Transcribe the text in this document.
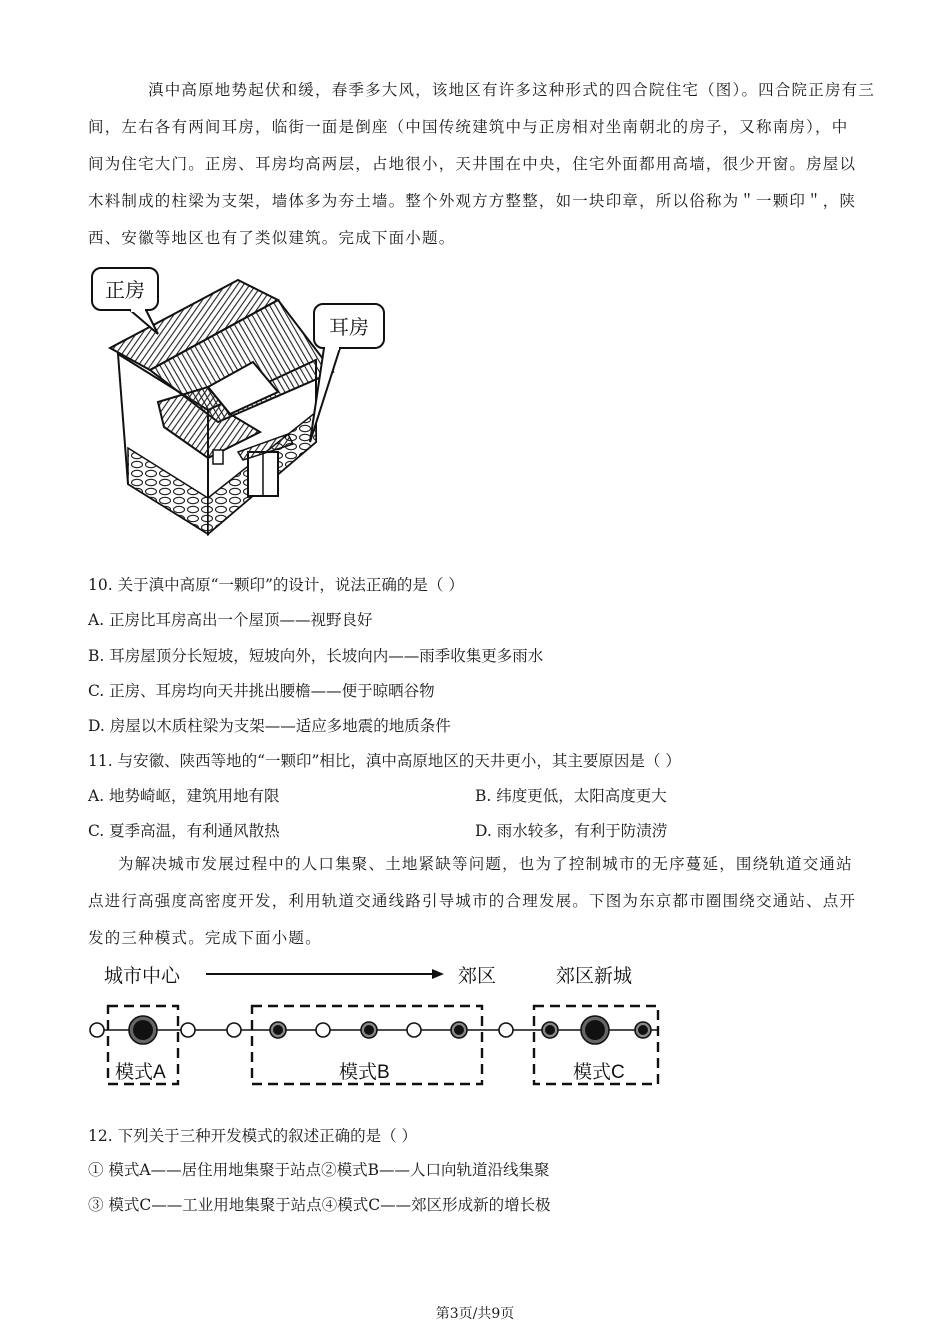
滇中高原地势起伏和缓，春季多大风，该地区有许多这种形式的四合院住宅（图）。四合院正房有三
间，左右各有两间耳房，临街一面是倒座（中国传统建筑中与正房相对坐南朝北的房子，又称南房），中
间为住宅大门。正房、耳房均高两层，占地很小，天井围在中央，住宅外面都用高墙，很少开窗。房屋以
木料制成的柱梁为支架，墙体多为夯土墙。整个外观方方整整，如一块印章，所以俗称为＂一颗印＂，陕
西、安徽等地区也有了类似建筑。完成下面小题。
正房
耳房
10. 关于滇中高原“一颗印”的设计，说法正确的是（ ）
A. 正房比耳房高出一个屋顶——视野良好
B. 耳房屋顶分长短坡，短坡向外，长坡向内——雨季收集更多雨水
C. 正房、耳房均向天井挑出腰檐——便于晾晒谷物
D. 房屋以木质柱梁为支架——适应多地震的地质条件
11. 与安徽、陕西等地的“一颗印”相比，滇中高原地区的天井更小，其主要原因是（ ）
A. 地势崎岖，建筑用地有限	B. 纬度更低，太阳高度更大
C. 夏季高温，有利通风散热	D. 雨水较多，有利于防渍涝
为解决城市发展过程中的人口集聚、土地紧缺等问题，也为了控制城市的无序蔓延，围绕轨道交通站
点进行高强度高密度开发，利用轨道交通线路引导城市的合理发展。下图为东京都市圈围绕交通站、点开
发的三种模式。完成下面小题。
城市中心	郊区	郊区新城
模式A	模式B	模式C
12. 下列关于三种开发模式的叙述正确的是（ ）
① 模式A——居住用地集聚于站点②模式B——人口向轨道沿线集聚
③ 模式C——工业用地集聚于站点④模式C——郊区形成新的增长极
第3页/共9页
